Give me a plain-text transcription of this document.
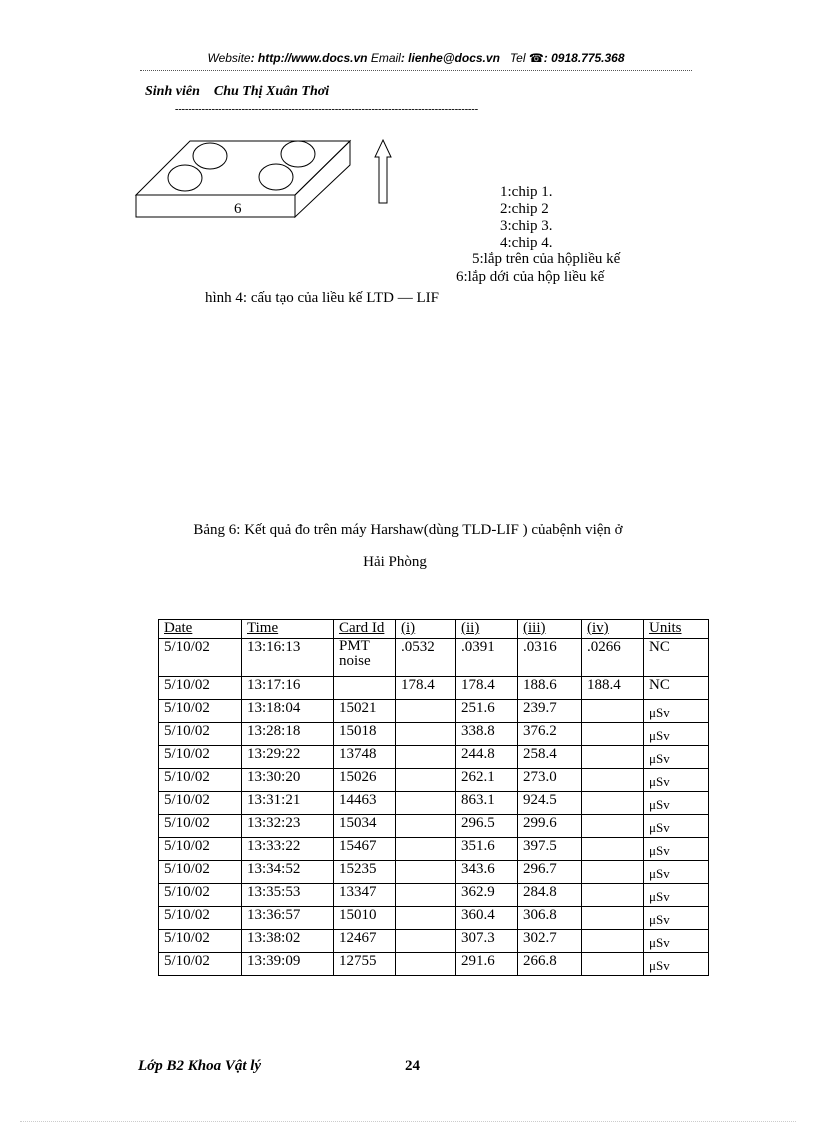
Website: http://www.docs.vn Email: lienhe@docs.vn Tel ☎: 0918.775.368
Sinh viên Chu Thị Xuân Thơi
-------------------------------------------------------------------------------------------
6
1:chip 1.
2:chip 2
3:chip 3.
4:chip 4.
5:lắp trên của hộpliều kế
6:lắp dới của hộp liều kế
hình 4: cấu tạo của liều kế LTD — LIF
Bảng 6: Kết quả đo trên máy Harshaw(dùng TLD-LIF ) củabệnh viện ở
Hải Phòng
Date	Time	Card Id	(i)	(ii)	(iii)	(iv)	Units
5/10/02	13:16:13	PMT noise	.0532	.0391	.0316	.0266	NC
5/10/02	13:17:16		178.4	178.4	188.6	188.4	NC
5/10/02	13:18:04	15021		251.6	239.7		μSv
5/10/02	13:28:18	15018		338.8	376.2		μSv
5/10/02	13:29:22	13748		244.8	258.4		μSv
5/10/02	13:30:20	15026		262.1	273.0		μSv
5/10/02	13:31:21	14463		863.1	924.5		μSv
5/10/02	13:32:23	15034		296.5	299.6		μSv
5/10/02	13:33:22	15467		351.6	397.5		μSv
5/10/02	13:34:52	15235		343.6	296.7		μSv
5/10/02	13:35:53	13347		362.9	284.8		μSv
5/10/02	13:36:57	15010		360.4	306.8		μSv
5/10/02	13:38:02	12467		307.3	302.7		μSv
5/10/02	13:39:09	12755		291.6	266.8		μSv
Lớp B2 Khoa Vật lý	24
